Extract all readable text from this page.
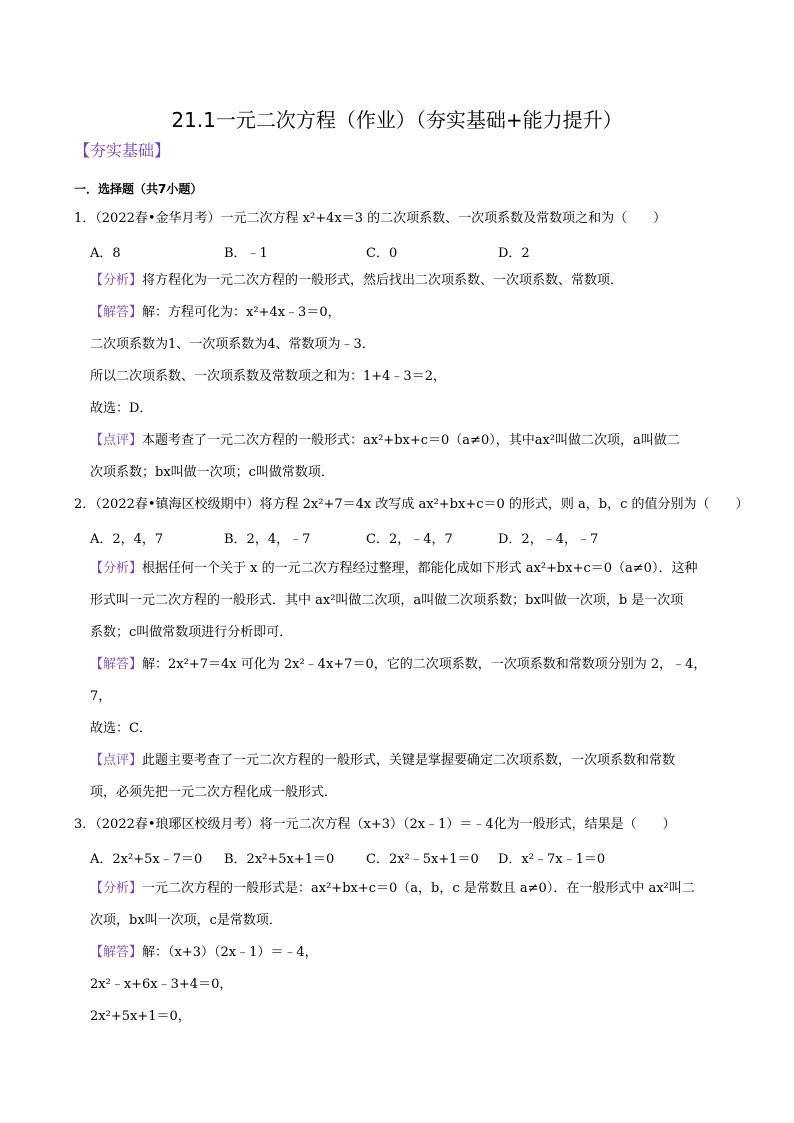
21.1一元二次方程（作业）（夯实基础+能力提升）
【夯实基础】
一．选择题（共7小题）
1．（2022春•金华月考）一元二次方程 x²+4x＝3 的二次项系数、一次项系数及常数项之和为（　　）
A．8	B．﹣1	C．0	D．2
【分析】将方程化为一元二次方程的一般形式，然后找出二次项系数、一次项系数、常数项．
【解答】解：方程可化为：x²+4x﹣3＝0，
二次项系数为1、一次项系数为4、常数项为﹣3．
所以二次项系数、一次项系数及常数项之和为：1+4﹣3＝2，
故选：D．
【点评】本题考查了一元二次方程的一般形式：ax²+bx+c＝0（a≠0），其中ax²叫做二次项，a叫做二
次项系数；bx叫做一次项；c叫做常数项．
2．（2022春•镇海区校级期中）将方程 2x²+7＝4x 改写成 ax²+bx+c＝0 的形式，则 a，b，c 的值分别为（　　）
A．2，4，7	B．2，4，﹣7	C．2，﹣4，7	D．2，﹣4，﹣7
【分析】根据任何一个关于 x 的一元二次方程经过整理，都能化成如下形式 ax²+bx+c＝0（a≠0）．这种
形式叫一元二次方程的一般形式．其中 ax²叫做二次项，a叫做二次项系数；bx叫做一次项，b 是一次项
系数；c叫做常数项进行分析即可．
【解答】解：2x²+7＝4x 可化为 2x²﹣4x+7＝0，它的二次项系数，一次项系数和常数项分别为 2，﹣4，
7，
故选：C．
【点评】此题主要考查了一元二次方程的一般形式，关键是掌握要确定二次项系数，一次项系数和常数
项，必须先把一元二次方程化成一般形式．
3．（2022春•琅琊区校级月考）将一元二次方程（x+3）（2x﹣1）＝﹣4化为一般形式，结果是（　　）
A．2x²+5x﹣7＝0 B．2x²+5x+1＝0 C．2x²﹣5x+1＝0 D．x²﹣7x﹣1＝0
【分析】一元二次方程的一般形式是：ax²+bx+c＝0（a，b，c 是常数且 a≠0）．在一般形式中 ax²叫二
次项，bx叫一次项，c是常数项．
【解答】解：（x+3）（2x﹣1）＝﹣4，
2x²﹣x+6x﹣3+4＝0，
2x²+5x+1＝0，
